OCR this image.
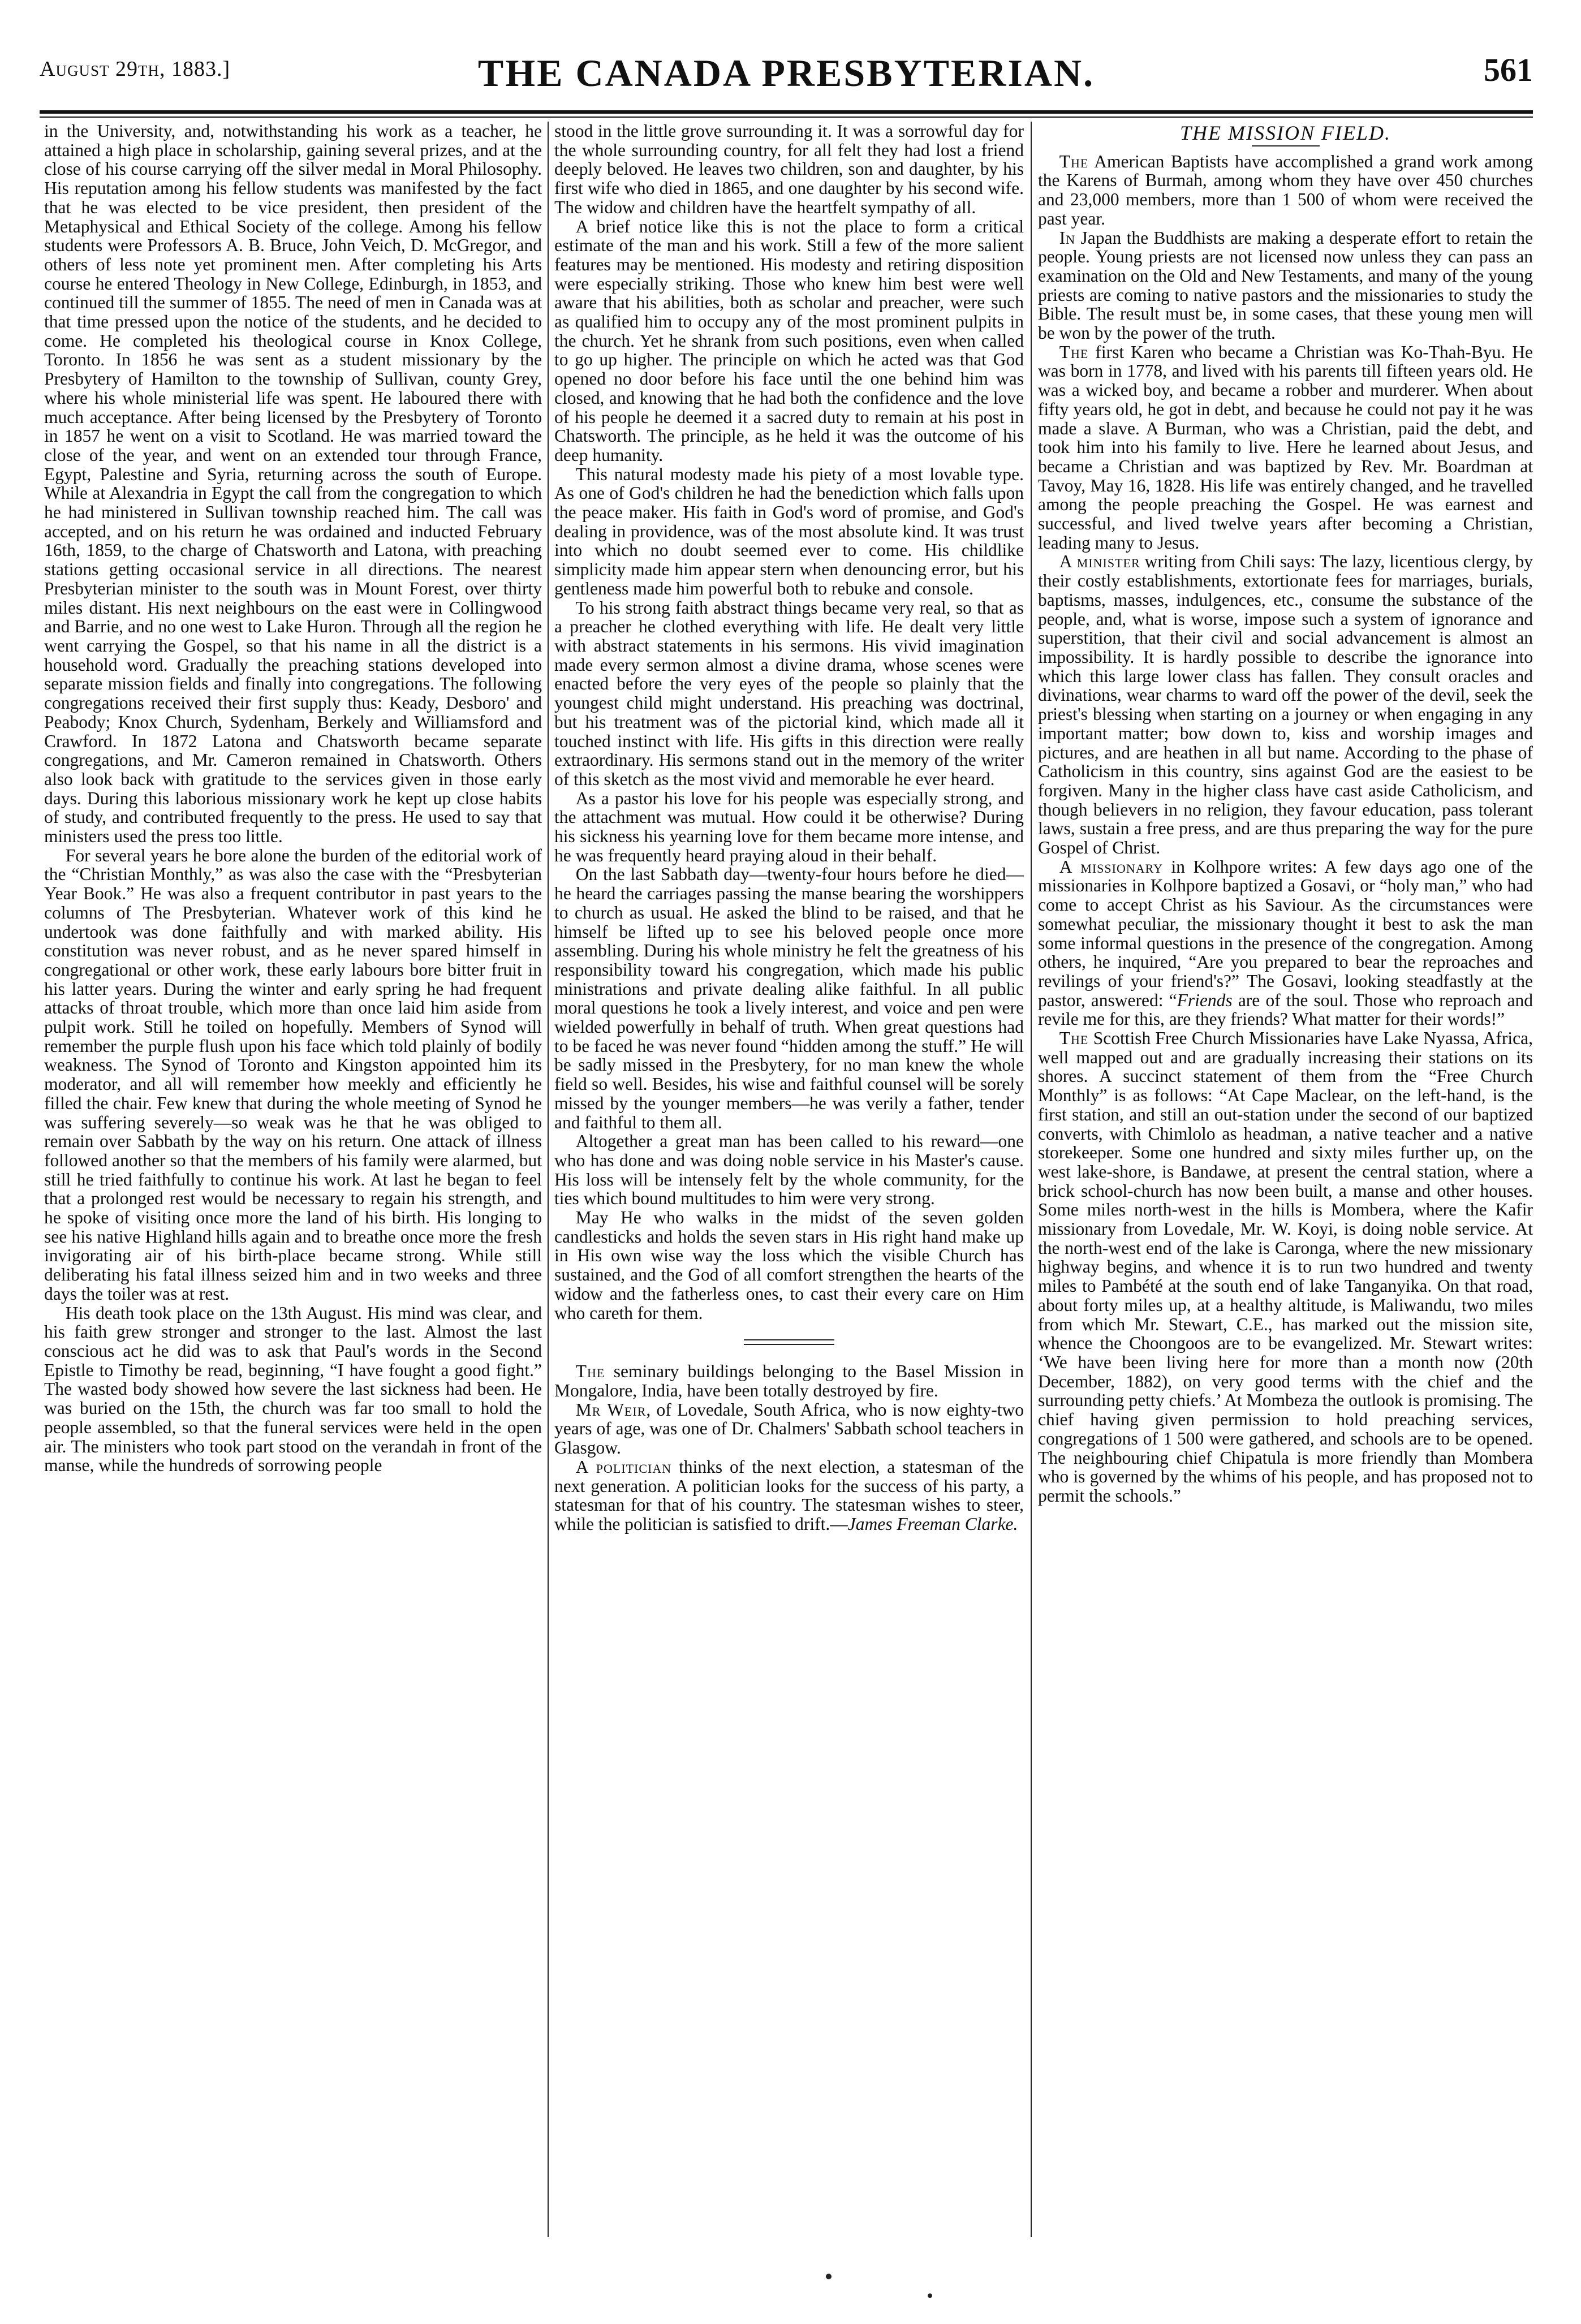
August 29th, 1883.]	THE CANADA PRESBYTERIAN.	561

in the University, and, notwithstanding his work as a teacher, he attained a high place in scholarship, gaining several prizes, and at the close of his course carrying off the silver medal in Moral Philosophy. His reputation among his fellow students was manifested by the fact that he was elected to be vice president, then president of the Metaphysical and Ethical Society of the college. Among his fellow students were Professors A. B. Bruce, John Veich, D. McGregor, and others of less note yet prominent men. After completing his Arts course he entered Theology in New College, Edinburgh, in 1853, and continued till the summer of 1855. The need of men in Canada was at that time pressed upon the notice of the students, and he decided to come. He completed his theological course in Knox College, Toronto. In 1856 he was sent as a student missionary by the Presbytery of Hamilton to the township of Sullivan, county Grey, where his whole ministerial life was spent. He laboured there with much acceptance. After being licensed by the Presbytery of Toronto in 1857 he went on a visit to Scotland. He was married toward the close of the year, and went on an extended tour through France, Egypt, Palestine and Syria, returning across the south of Europe. While at Alexandria in Egypt the call from the congregation to which he had ministered in Sullivan township reached him. The call was accepted, and on his return he was ordained and inducted February 16th, 1859, to the charge of Chatsworth and Latona, with preaching stations getting occasional service in all directions. The nearest Presbyterian minister to the south was in Mount Forest, over thirty miles distant. His next neighbours on the east were in Collingwood and Barrie, and no one west to Lake Huron. Through all the region he went carrying the Gospel, so that his name in all the district is a household word. Gradually the preaching stations developed into separate mission fields and finally into congregations. The following congregations received their first supply thus: Keady, Desboro' and Peabody; Knox Church, Sydenham, Berkely and Williamsford and Crawford. In 1872 Latona and Chatsworth became separate congregations, and Mr. Cameron remained in Chatsworth. Others also look back with gratitude to the services given in those early days. During this laborious missionary work he kept up close habits of study, and contributed frequently to the press. He used to say that ministers used the press too little.

For several years he bore alone the burden of the editorial work of the “Christian Monthly,” as was also the case with the “Presbyterian Year Book.” He was also a frequent contributor in past years to the columns of The Presbyterian. Whatever work of this kind he undertook was done faithfully and with marked ability. His constitution was never robust, and as he never spared himself in congregational or other work, these early labours bore bitter fruit in his latter years. During the winter and early spring he had frequent attacks of throat trouble, which more than once laid him aside from pulpit work. Still he toiled on hopefully. Members of Synod will remember the purple flush upon his face which told plainly of bodily weakness. The Synod of Toronto and Kingston appointed him its moderator, and all will remember how meekly and efficiently he filled the chair. Few knew that during the whole meeting of Synod he was suffering severely—so weak was he that he was obliged to remain over Sabbath by the way on his return. One attack of illness followed another so that the members of his family were alarmed, but still he tried faithfully to continue his work. At last he began to feel that a prolonged rest would be necessary to regain his strength, and he spoke of visiting once more the land of his birth. His longing to see his native Highland hills again and to breathe once more the fresh invigorating air of his birth-place became strong. While still deliberating his fatal illness seized him and in two weeks and three days the toiler was at rest.

His death took place on the 13th August. His mind was clear, and his faith grew stronger and stronger to the last. Almost the last conscious act he did was to ask that Paul's words in the Second Epistle to Timothy be read, beginning, “I have fought a good fight.” The wasted body showed how severe the last sickness had been. He was buried on the 15th, the church was far too small to hold the people assembled, so that the funeral services were held in the open air. The ministers who took part stood on the verandah in front of the manse, while the hundreds of sorrowing people

stood in the little grove surrounding it. It was a sorrowful day for the whole surrounding country, for all felt they had lost a friend deeply beloved. He leaves two children, son and daughter, by his first wife who died in 1865, and one daughter by his second wife. The widow and children have the heartfelt sympathy of all.

A brief notice like this is not the place to form a critical estimate of the man and his work. Still a few of the more salient features may be mentioned. His modesty and retiring disposition were especially striking. Those who knew him best were well aware that his abilities, both as scholar and preacher, were such as qualified him to occupy any of the most prominent pulpits in the church. Yet he shrank from such positions, even when called to go up higher. The principle on which he acted was that God opened no door before his face until the one behind him was closed, and knowing that he had both the confidence and the love of his people he deemed it a sacred duty to remain at his post in Chatsworth. The principle, as he held it was the outcome of his deep humanity.

This natural modesty made his piety of a most lovable type. As one of God's children he had the benediction which falls upon the peace maker. His faith in God's word of promise, and God's dealing in providence, was of the most absolute kind. It was trust into which no doubt seemed ever to come. His childlike simplicity made him appear stern when denouncing error, but his gentleness made him powerful both to rebuke and console.

To his strong faith abstract things became very real, so that as a preacher he clothed everything with life. He dealt very little with abstract statements in his sermons. His vivid imagination made every sermon almost a divine drama, whose scenes were enacted before the very eyes of the people so plainly that the youngest child might understand. His preaching was doctrinal, but his treatment was of the pictorial kind, which made all it touched instinct with life. His gifts in this direction were really extraordinary. His sermons stand out in the memory of the writer of this sketch as the most vivid and memorable he ever heard.

As a pastor his love for his people was especially strong, and the attachment was mutual. How could it be otherwise? During his sickness his yearning love for them became more intense, and he was frequently heard praying aloud in their behalf.

On the last Sabbath day—twenty-four hours before he died—he heard the carriages passing the manse bearing the worshippers to church as usual. He asked the blind to be raised, and that he himself be lifted up to see his beloved people once more assembling. During his whole ministry he felt the greatness of his responsibility toward his congregation, which made his public ministrations and private dealing alike faithful. In all public moral questions he took a lively interest, and voice and pen were wielded powerfully in behalf of truth. When great questions had to be faced he was never found “hidden among the stuff.” He will be sadly missed in the Presbytery, for no man knew the whole field so well. Besides, his wise and faithful counsel will be sorely missed by the younger members—he was verily a father, tender and faithful to them all.

Altogether a great man has been called to his reward—one who has done and was doing noble service in his Master's cause. His loss will be intensely felt by the whole community, for the ties which bound multitudes to him were very strong.

May He who walks in the midst of the seven golden candlesticks and holds the seven stars in His right hand make up in His own wise way the loss which the visible Church has sustained, and the God of all comfort strengthen the hearts of the widow and the fatherless ones, to cast their every care on Him who careth for them.

The seminary buildings belonging to the Basel Mission in Mongalore, India, have been totally destroyed by fire.

Mr Weir, of Lovedale, South Africa, who is now eighty-two years of age, was one of Dr. Chalmers' Sabbath school teachers in Glasgow.

A politician thinks of the next election, a statesman of the next generation. A politician looks for the success of his party, a statesman for that of his country. The statesman wishes to steer, while the politician is satisfied to drift.—James Freeman Clarke.

THE MISSION FIELD.

The American Baptists have accomplished a grand work among the Karens of Burmah, among whom they have over 450 churches and 23,000 members, more than 1 500 of whom were received the past year.

In Japan the Buddhists are making a desperate effort to retain the people. Young priests are not licensed now unless they can pass an examination on the Old and New Testaments, and many of the young priests are coming to native pastors and the missionaries to study the Bible. The result must be, in some cases, that these young men will be won by the power of the truth.

The first Karen who became a Christian was Ko-Thah-Byu. He was born in 1778, and lived with his parents till fifteen years old. He was a wicked boy, and became a robber and murderer. When about fifty years old, he got in debt, and because he could not pay it he was made a slave. A Burman, who was a Christian, paid the debt, and took him into his family to live. Here he learned about Jesus, and became a Christian and was baptized by Rev. Mr. Boardman at Tavoy, May 16, 1828. His life was entirely changed, and he travelled among the people preaching the Gospel. He was earnest and successful, and lived twelve years after becoming a Christian, leading many to Jesus.

A minister writing from Chili says: The lazy, licentious clergy, by their costly establishments, extortionate fees for marriages, burials, baptisms, masses, indulgences, etc., consume the substance of the people, and, what is worse, impose such a system of ignorance and superstition, that their civil and social advancement is almost an impossibility. It is hardly possible to describe the ignorance into which this large lower class has fallen. They consult oracles and divinations, wear charms to ward off the power of the devil, seek the priest's blessing when starting on a journey or when engaging in any important matter; bow down to, kiss and worship images and pictures, and are heathen in all but name. According to the phase of Catholicism in this country, sins against God are the easiest to be forgiven. Many in the higher class have cast aside Catholicism, and though believers in no religion, they favour education, pass tolerant laws, sustain a free press, and are thus preparing the way for the pure Gospel of Christ.

A missionary in Kolhpore writes: A few days ago one of the missionaries in Kolhpore baptized a Gosavi, or “holy man,” who had come to accept Christ as his Saviour. As the circumstances were somewhat peculiar, the missionary thought it best to ask the man some informal questions in the presence of the congregation. Among others, he inquired, “Are you prepared to bear the reproaches and revilings of your friend's?” The Gosavi, looking steadfastly at the pastor, answered: “Friends are of the soul. Those who reproach and revile me for this, are they friends? What matter for their words!”

The Scottish Free Church Missionaries have Lake Nyassa, Africa, well mapped out and are gradually increasing their stations on its shores. A succinct statement of them from the “Free Church Monthly” is as follows: “At Cape Maclear, on the left-hand, is the first station, and still an out-station under the second of our baptized converts, with Chimlolo as headman, a native teacher and a native storekeeper. Some one hundred and sixty miles further up, on the west lake-shore, is Bandawe, at present the central station, where a brick school-church has now been built, a manse and other houses. Some miles north-west in the hills is Mombera, where the Kafir missionary from Lovedale, Mr. W. Koyi, is doing noble service. At the north-west end of the lake is Caronga, where the new missionary highway begins, and whence it is to run two hundred and twenty miles to Pambété at the south end of lake Tanganyika. On that road, about forty miles up, at a healthy altitude, is Maliwandu, two miles from which Mr. Stewart, C.E., has marked out the mission site, whence the Choongoos are to be evangelized. Mr. Stewart writes: ‘We have been living here for more than a month now (20th December, 1882), on very good terms with the chief and the surrounding petty chiefs.’ At Mombeza the outlook is promising. The chief having given permission to hold preaching services, congregations of 1 500 were gathered, and schools are to be opened. The neighbouring chief Chipatula is more friendly than Mombera who is governed by the whims of his people, and has proposed not to permit the schools.”
